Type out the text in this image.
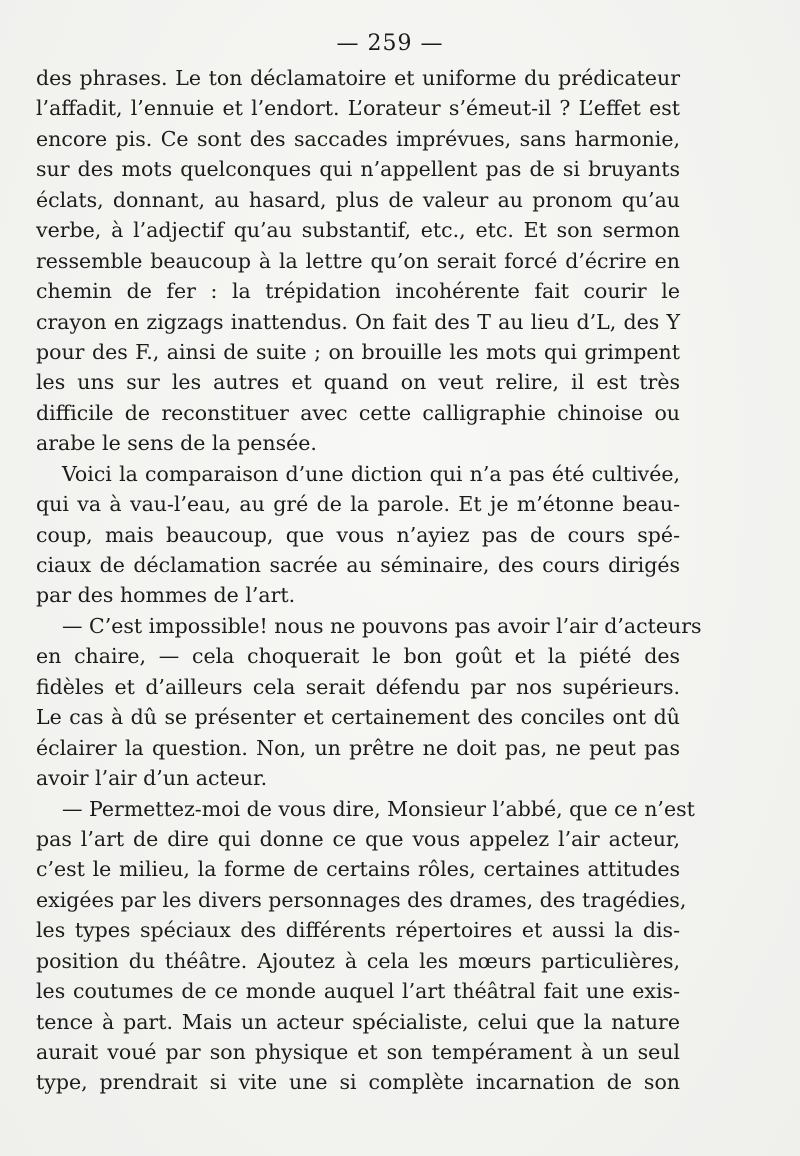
— 259 —
des phrases. Le ton déclamatoire et uniforme du prédicateur
l’affadit, l’ennuie et l’endort. L’orateur s’émeut-il ? L’effet est
encore pis. Ce sont des saccades imprévues, sans harmonie,
sur des mots quelconques qui n’appellent pas de si bruyants
éclats, donnant, au hasard, plus de valeur au pronom qu’au
verbe, à l’adjectif qu’au substantif, etc., etc. Et son sermon
ressemble beaucoup à la lettre qu’on serait forcé d’écrire en
chemin de fer : la trépidation incohérente fait courir le
crayon en zigzags inattendus. On fait des T au lieu d’L, des Y
pour des F., ainsi de suite ; on brouille les mots qui grimpent
les uns sur les autres et quand on veut relire, il est très
difficile de reconstituer avec cette calligraphie chinoise ou
arabe le sens de la pensée.
Voici la comparaison d’une diction qui n’a pas été cultivée,
qui va à vau-l’eau, au gré de la parole. Et je m’étonne beau-
coup, mais beaucoup, que vous n’ayiez pas de cours spé-
ciaux de déclamation sacrée au séminaire, des cours dirigés
par des hommes de l’art.
— C’est impossible! nous ne pouvons pas avoir l’air d’acteurs
en chaire, — cela choquerait le bon goût et la piété des
fidèles et d’ailleurs cela serait défendu par nos supérieurs.
Le cas à dû se présenter et certainement des conciles ont dû
éclairer la question. Non, un prêtre ne doit pas, ne peut pas
avoir l’air d’un acteur.
— Permettez-moi de vous dire, Monsieur l’abbé, que ce n’est
pas l’art de dire qui donne ce que vous appelez l’air acteur,
c’est le milieu, la forme de certains rôles, certaines attitudes
exigées par les divers personnages des drames, des tragédies,
les types spéciaux des différents répertoires et aussi la dis-
position du théâtre. Ajoutez à cela les mœurs particulières,
les coutumes de ce monde auquel l’art théâtral fait une exis-
tence à part. Mais un acteur spécialiste, celui que la nature
aurait voué par son physique et son tempérament à un seul
type, prendrait si vite une si complète incarnation de son
